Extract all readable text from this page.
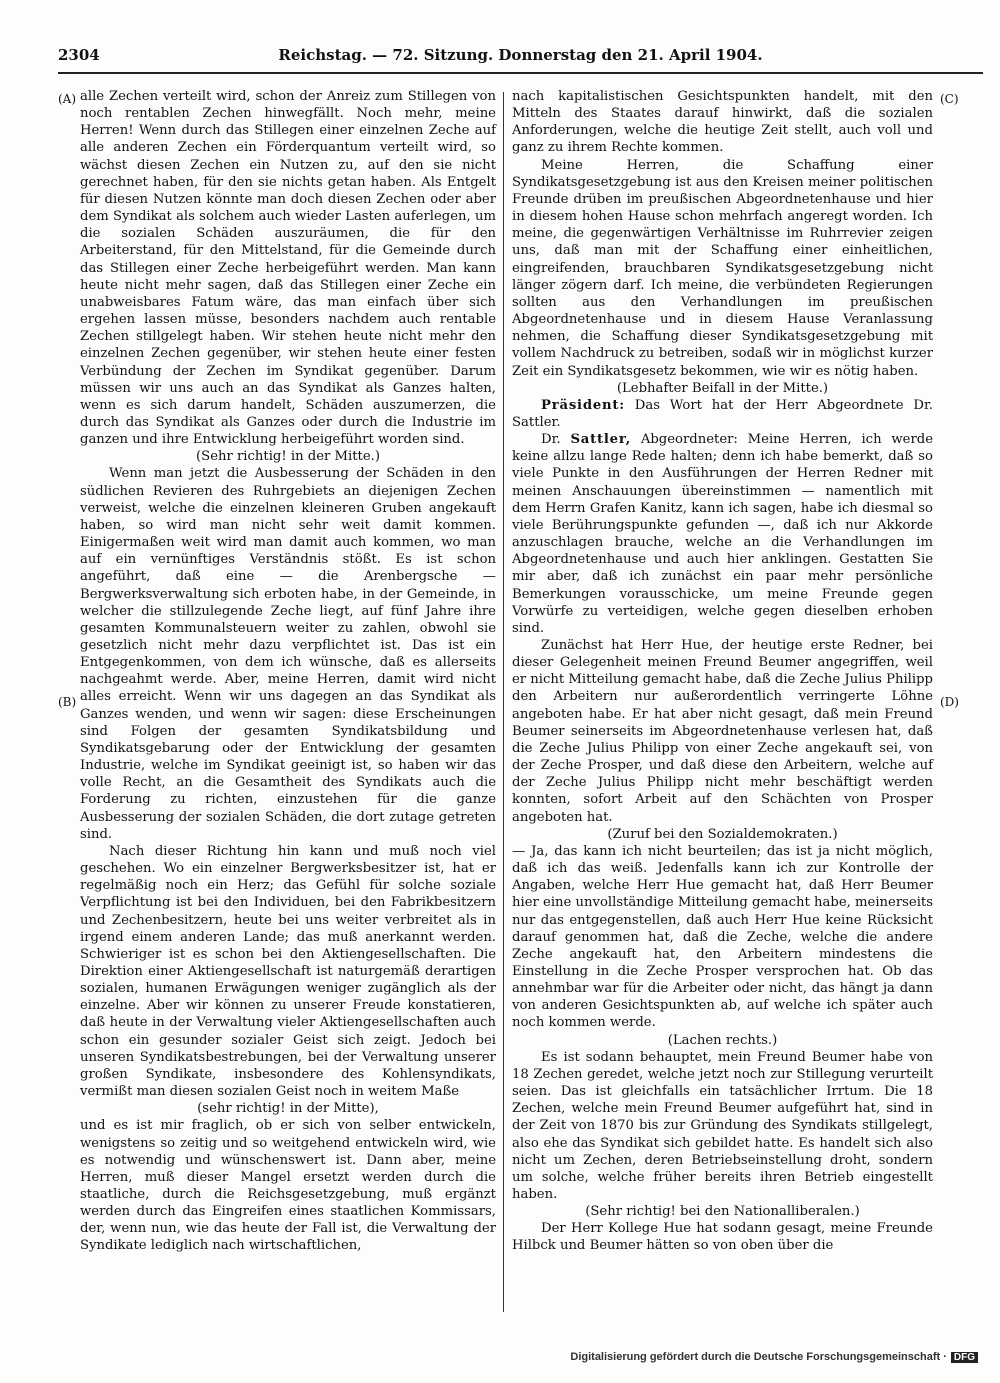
2304	Reichstag. — 72. Sitzung. Donnerstag den 21. April 1904.
(A)
(B)
(C)
(D)

alle Zechen verteilt wird, schon der Anreiz zum Stillegen von noch rentablen Zechen hinwegfällt. Noch mehr, meine Herren! Wenn durch das Stillegen einer einzelnen Zeche auf alle anderen Zechen ein Förderquantum verteilt wird, so wächst diesen Zechen ein Nutzen zu, auf den sie nicht gerechnet haben, für den sie nichts getan haben. Als Entgelt für diesen Nutzen könnte man doch diesen Zechen oder aber dem Syndikat als solchem auch wieder Lasten auferlegen, um die sozialen Schäden auszuräumen, die für den Arbeiterstand, für den Mittelstand, für die Gemeinde durch das Stillegen einer Zeche herbeigeführt werden. Man kann heute nicht mehr sagen, daß das Stillegen einer Zeche ein unabweisbares Fatum wäre, das man einfach über sich ergehen lassen müsse, besonders nachdem auch rentable Zechen stillgelegt haben. Wir stehen heute nicht mehr den einzelnen Zechen gegenüber, wir stehen heute einer festen Verbündung der Zechen im Syndikat gegenüber. Darum müssen wir uns auch an das Syndikat als Ganzes halten, wenn es sich darum handelt, Schäden auszumerzen, die durch das Syndikat als Ganzes oder durch die Industrie im ganzen und ihre Entwicklung herbeigeführt worden sind.

(Sehr richtig! in der Mitte.)

Wenn man jetzt die Ausbesserung der Schäden in den südlichen Revieren des Ruhrgebiets an diejenigen Zechen verweist, welche die einzelnen kleineren Gruben angekauft haben, so wird man nicht sehr weit damit kommen. Einigermaßen weit wird man damit auch kommen, wo man auf ein vernünftiges Verständnis stößt. Es ist schon angeführt, daß eine — die Arenbergsche — Bergwerksverwaltung sich erboten habe, in der Gemeinde, in welcher die stillzulegende Zeche liegt, auf fünf Jahre ihre gesamten Kommunalsteuern weiter zu zahlen, obwohl sie gesetzlich nicht mehr dazu verpflichtet ist. Das ist ein Entgegenkommen, von dem ich wünsche, daß es allerseits nachgeahmt werde. Aber, meine Herren, damit wird nicht alles erreicht. Wenn wir uns dagegen an das Syndikat als Ganzes wenden, und wenn wir sagen: diese Erscheinungen sind Folgen der gesamten Syndikatsbildung und Syndikatsgebarung oder der Entwicklung der gesamten Industrie, welche im Syndikat geeinigt ist, so haben wir das volle Recht, an die Gesamtheit des Syndikats auch die Forderung zu richten, einzustehen für die ganze Ausbesserung der sozialen Schäden, die dort zutage getreten sind.

Nach dieser Richtung hin kann und muß noch viel geschehen. Wo ein einzelner Bergwerksbesitzer ist, hat er regelmäßig noch ein Herz; das Gefühl für solche soziale Verpflichtung ist bei den Individuen, bei den Fabrikbesitzern und Zechenbesitzern, heute bei uns weiter verbreitet als in irgend einem anderen Lande; das muß anerkannt werden. Schwieriger ist es schon bei den Aktiengesellschaften. Die Direktion einer Aktiengesellschaft ist naturgemäß derartigen sozialen, humanen Erwägungen weniger zugänglich als der einzelne. Aber wir können zu unserer Freude konstatieren, daß heute in der Verwaltung vieler Aktiengesellschaften auch schon ein gesunder sozialer Geist sich zeigt. Jedoch bei unseren Syndikatsbestrebungen, bei der Verwaltung unserer großen Syndikate, insbesondere des Kohlensyndikats, vermißt man diesen sozialen Geist noch in weitem Maße

(sehr richtig! in der Mitte),

und es ist mir fraglich, ob er sich von selber entwickeln, wenigstens so zeitig und so weitgehend entwickeln wird, wie es notwendig und wünschenswert ist. Dann aber, meine Herren, muß dieser Mangel ersetzt werden durch die staatliche, durch die Reichsgesetzgebung, muß ergänzt werden durch das Eingreifen eines staatlichen Kommissars, der, wenn nun, wie das heute der Fall ist, die Verwaltung der Syndikate lediglich nach wirtschaftlichen,

nach kapitalistischen Gesichtspunkten handelt, mit den Mitteln des Staates darauf hinwirkt, daß die sozialen Anforderungen, welche die heutige Zeit stellt, auch voll und ganz zu ihrem Rechte kommen.

Meine Herren, die Schaffung einer Syndikatsgesetzgebung ist aus den Kreisen meiner politischen Freunde drüben im preußischen Abgeordnetenhause und hier in diesem hohen Hause schon mehrfach angeregt worden. Ich meine, die gegenwärtigen Verhältnisse im Ruhrrevier zeigen uns, daß man mit der Schaffung einer einheitlichen, eingreifenden, brauchbaren Syndikatsgesetzgebung nicht länger zögern darf. Ich meine, die verbündeten Regierungen sollten aus den Verhandlungen im preußischen Abgeordnetenhause und in diesem Hause Veranlassung nehmen, die Schaffung dieser Syndikatsgesetzgebung mit vollem Nachdruck zu betreiben, sodaß wir in möglichst kurzer Zeit ein Syndikatsgesetz bekommen, wie wir es nötig haben.

(Lebhafter Beifall in der Mitte.)

Präsident: Das Wort hat der Herr Abgeordnete Dr. Sattler.

Dr. Sattler, Abgeordneter: Meine Herren, ich werde keine allzu lange Rede halten; denn ich habe bemerkt, daß so viele Punkte in den Ausführungen der Herren Redner mit meinen Anschauungen übereinstimmen — namentlich mit dem Herrn Grafen Kanitz, kann ich sagen, habe ich diesmal so viele Berührungspunkte gefunden —, daß ich nur Akkorde anzuschlagen brauche, welche an die Verhandlungen im Abgeordnetenhause und auch hier anklingen. Gestatten Sie mir aber, daß ich zunächst ein paar mehr persönliche Bemerkungen vorausschicke, um meine Freunde gegen Vorwürfe zu verteidigen, welche gegen dieselben erhoben sind.

Zunächst hat Herr Hue, der heutige erste Redner, bei dieser Gelegenheit meinen Freund Beumer angegriffen, weil er nicht Mitteilung gemacht habe, daß die Zeche Julius Philipp den Arbeitern nur außerordentlich verringerte Löhne angeboten habe. Er hat aber nicht gesagt, daß mein Freund Beumer seinerseits im Abgeordnetenhause verlesen hat, daß die Zeche Julius Philipp von einer Zeche angekauft sei, von der Zeche Prosper, und daß diese den Arbeitern, welche auf der Zeche Julius Philipp nicht mehr beschäftigt werden konnten, sofort Arbeit auf den Schächten von Prosper angeboten hat.

(Zuruf bei den Sozialdemokraten.)

— Ja, das kann ich nicht beurteilen; das ist ja nicht möglich, daß ich das weiß. Jedenfalls kann ich zur Kontrolle der Angaben, welche Herr Hue gemacht hat, daß Herr Beumer hier eine unvollständige Mitteilung gemacht habe, meinerseits nur das entgegenstellen, daß auch Herr Hue keine Rücksicht darauf genommen hat, daß die Zeche, welche die andere Zeche angekauft hat, den Arbeitern mindestens die Einstellung in die Zeche Prosper versprochen hat. Ob das annehmbar war für die Arbeiter oder nicht, das hängt ja dann von anderen Gesichtspunkten ab, auf welche ich später auch noch kommen werde.

(Lachen rechts.)

Es ist sodann behauptet, mein Freund Beumer habe von 18 Zechen geredet, welche jetzt noch zur Stillegung verurteilt seien. Das ist gleichfalls ein tatsächlicher Irrtum. Die 18 Zechen, welche mein Freund Beumer aufgeführt hat, sind in der Zeit von 1870 bis zur Gründung des Syndikats stillgelegt, also ehe das Syndikat sich gebildet hatte. Es handelt sich also nicht um Zechen, deren Betriebseinstellung droht, sondern um solche, welche früher bereits ihren Betrieb eingestellt haben.

(Sehr richtig! bei den Nationalliberalen.)

Der Herr Kollege Hue hat sodann gesagt, meine Freunde Hilbck und Beumer hätten so von oben über die

Digitalisierung gefördert durch die Deutsche Forschungsgemeinschaft · DFG
